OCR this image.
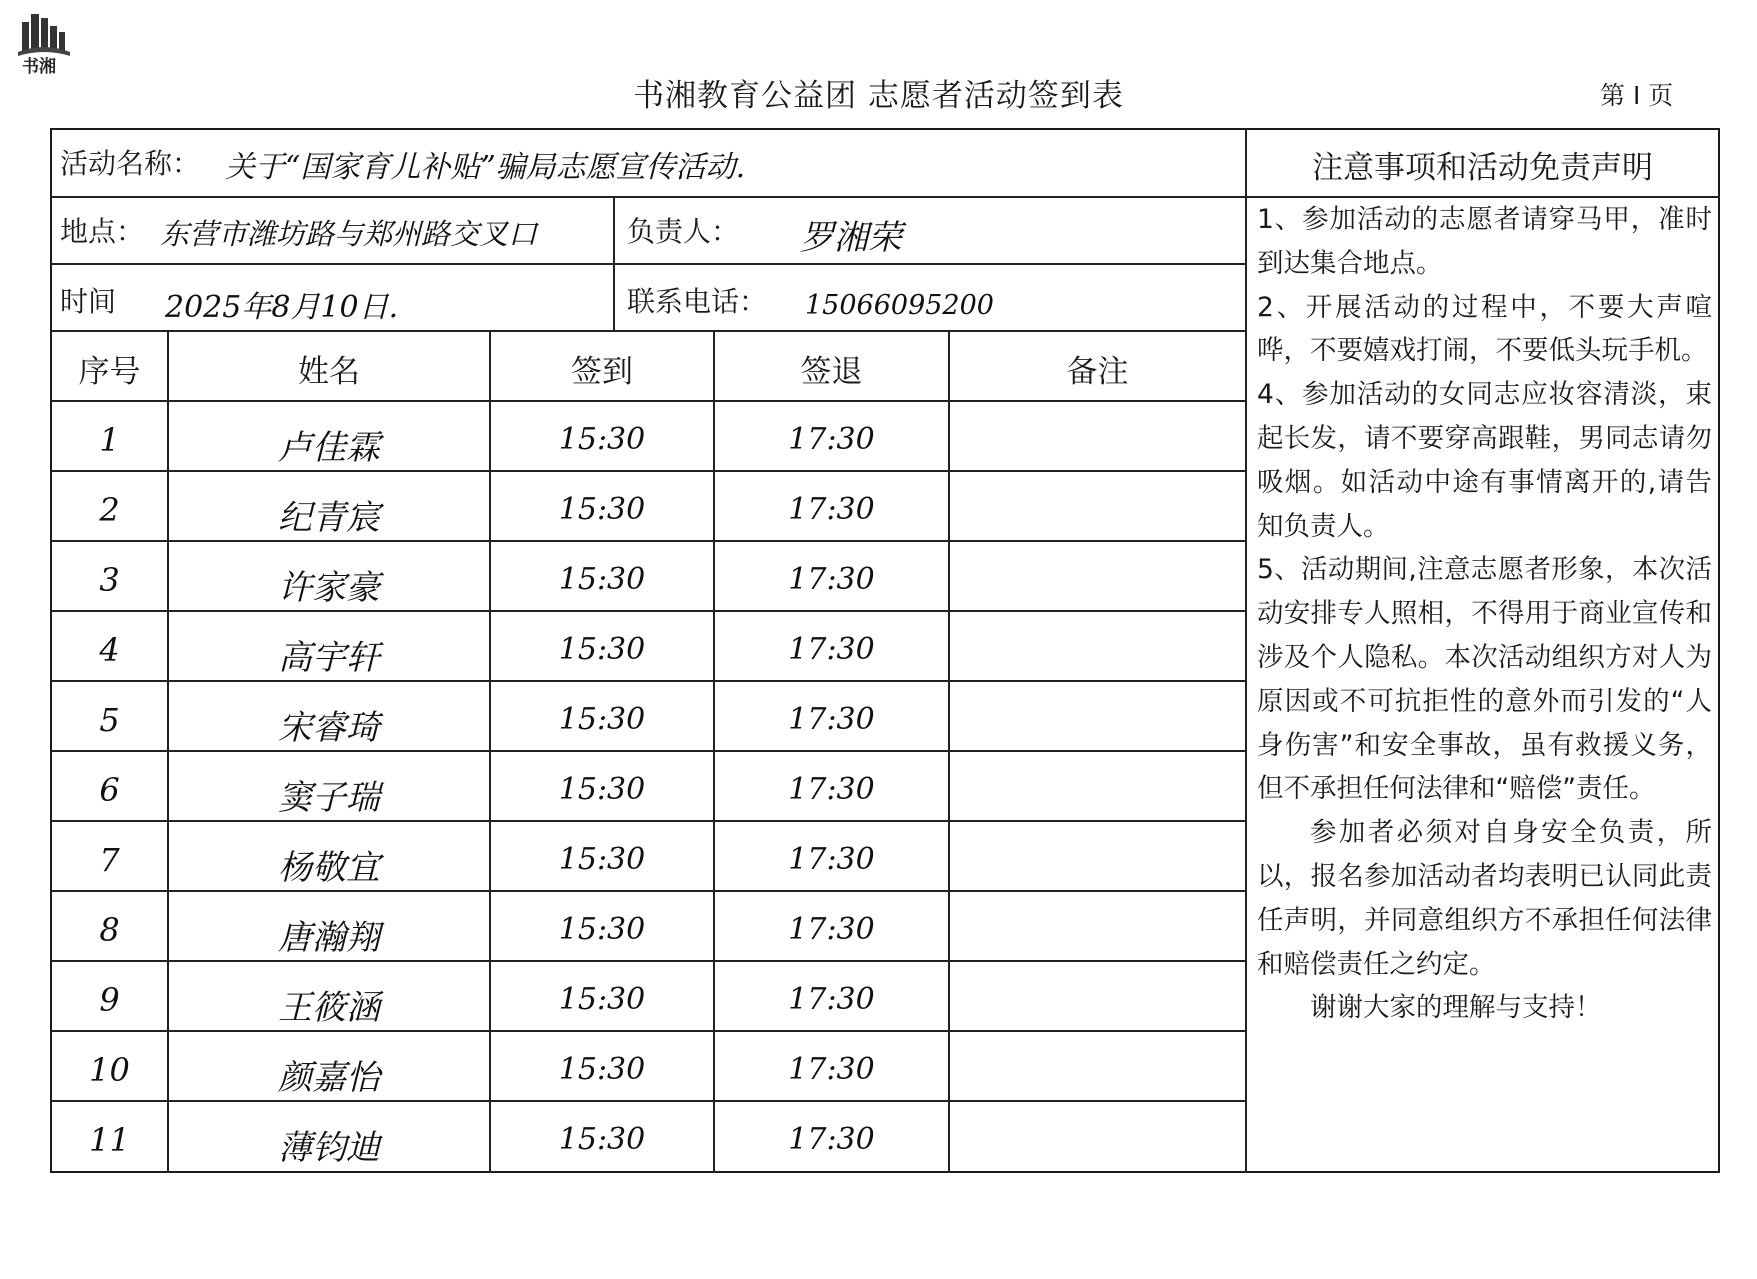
书湘
书湘教育公益团 志愿者活动签到表	第 I 页
活动名称： 关于“国家育儿补贴”骗局志愿宣传活动.
地点： 东营市潍坊路与郑州路交叉口	负责人： 罗湘荣
时间 2025年8月10日.	联系电话： 15066095200
序号	姓名	签到	签退	备注
1	卢佳霖	15:30	17:30
2	纪青宸	15:30	17:30
3	许家豪	15:30	17:30
4	高宇轩	15:30	17:30
5	宋睿琦	15:30	17:30
6	窦子瑞	15:30	17:30
7	杨敬宜	15:30	17:30
8	唐瀚翔	15:30	17:30
9	王筱涵	15:30	17:30
10	颜嘉怡	15:30	17:30
11	薄钧迪	15:30	17:30
注意事项和活动免责声明

1、参加活动的志愿者请穿马甲，准时到达集合地点。

2、开展活动的过程中，不要大声喧哗，不要嬉戏打闹，不要低头玩手机。

4、参加活动的女同志应妆容清淡，束起长发，请不要穿高跟鞋，男同志请勿吸烟。如活动中途有事情离开的,请告知负责人。

5、活动期间,注意志愿者形象，本次活动安排专人照相，不得用于商业宣传和涉及个人隐私。本次活动组织方对人为原因或不可抗拒性的意外而引发的“人身伤害”和安全事故，虽有救援义务，但不承担任何法律和“赔偿”责任。

参加者必须对自身安全负责，所以，报名参加活动者均表明已认同此责任声明，并同意组织方不承担任何法律和赔偿责任之约定。

谢谢大家的理解与支持！
